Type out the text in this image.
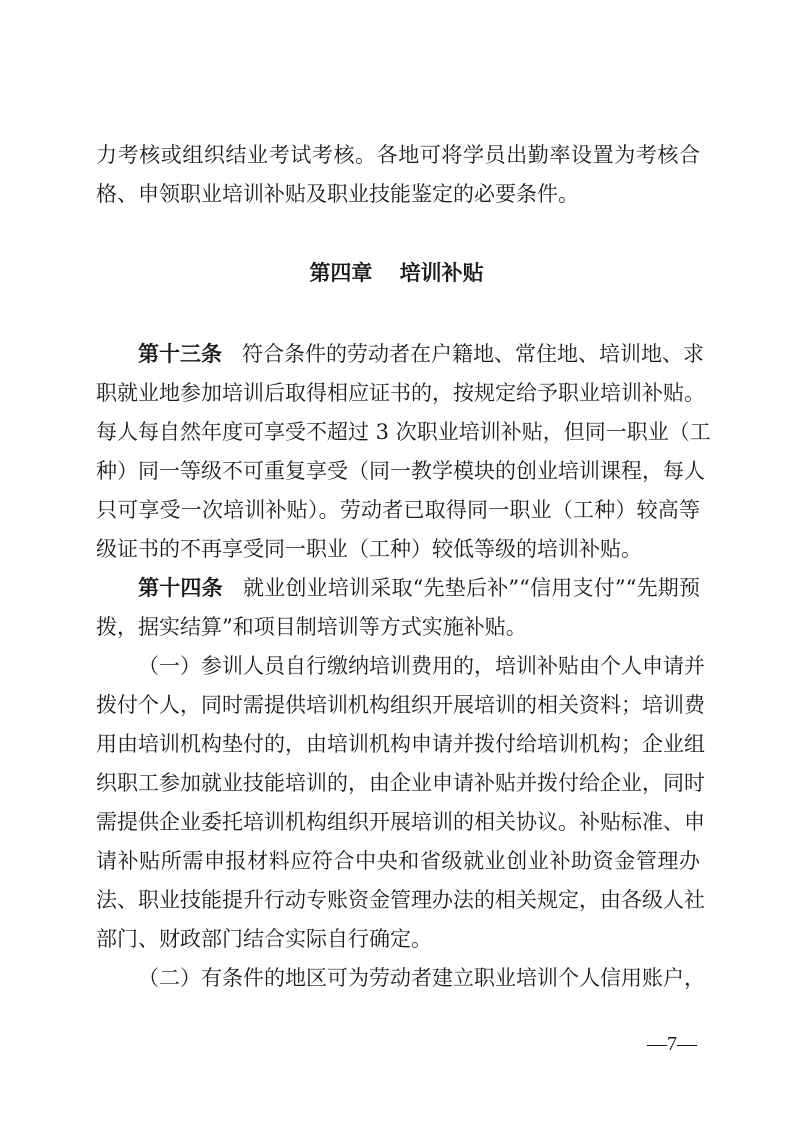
力考核或组织结业考试考核。各地可将学员出勤率设置为考核合
格、申领职业培训补贴及职业技能鉴定的必要条件。
第四章 培训补贴
第十三条 符合条件的劳动者在户籍地、常住地、培训地、求
职就业地参加培训后取得相应证书的，按规定给予职业培训补贴。
每人每自然年度可享受不超过 3 次职业培训补贴，但同一职业（工
种）同一等级不可重复享受（同一教学模块的创业培训课程，每人
只可享受一次培训补贴）。劳动者已取得同一职业（工种）较高等
级证书的不再享受同一职业（工种）较低等级的培训补贴。
第十四条 就业创业培训采取“先垫后补”“信用支付”“先期预
拨，据实结算”和项目制培训等方式实施补贴。
（一）参训人员自行缴纳培训费用的，培训补贴由个人申请并
拨付个人，同时需提供培训机构组织开展培训的相关资料；培训费
用由培训机构垫付的，由培训机构申请并拨付给培训机构；企业组
织职工参加就业技能培训的，由企业申请补贴并拨付给企业，同时
需提供企业委托培训机构组织开展培训的相关协议。补贴标准、申
请补贴所需申报材料应符合中央和省级就业创业补助资金管理办
法、职业技能提升行动专账资金管理办法的相关规定，由各级人社
部门、财政部门结合实际自行确定。
（二）有条件的地区可为劳动者建立职业培训个人信用账户，
—7—
